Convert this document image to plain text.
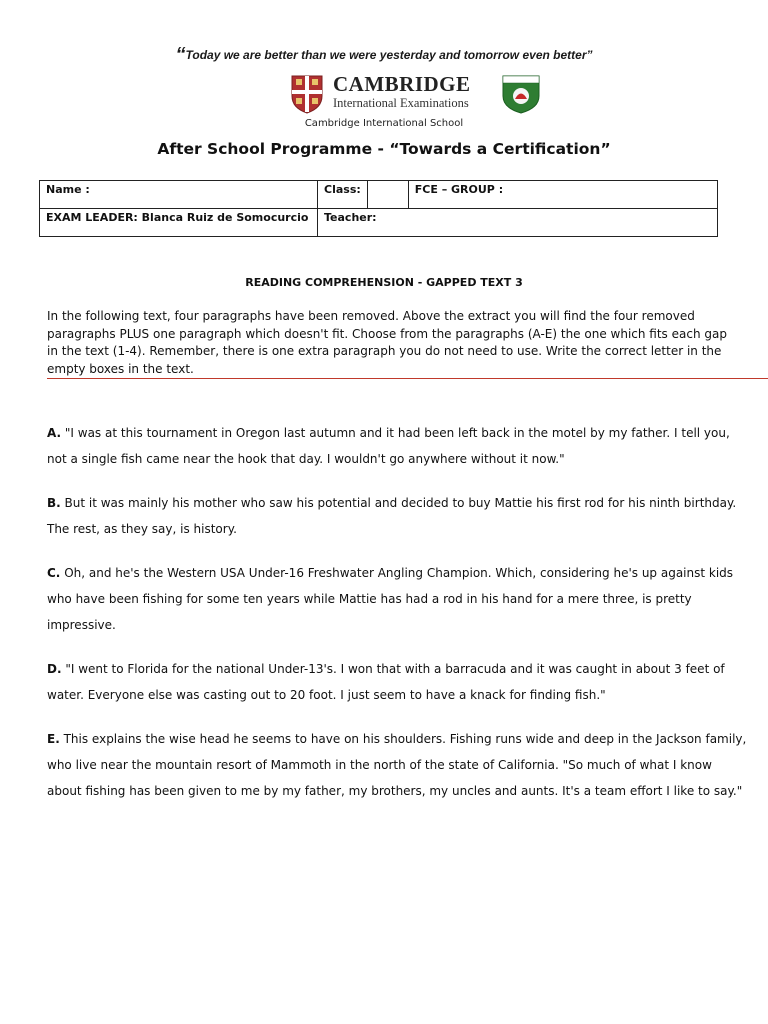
“Today we are better than we were yesterday and tomorrow even better”
CAMBRIDGE
International Examinations
Cambridge International School
After School Programme - “Towards a Certification”
Name :	Class:		FCE – GROUP :
EXAM LEADER: Blanca Ruiz de Somocurcio	Teacher:		
READING COMPREHENSION - GAPPED TEXT 3
In the following text, four paragraphs have been removed. Above the extract you will find the four removed paragraphs PLUS one paragraph which doesn't fit. Choose from the paragraphs (A-E) the one which fits each gap in the text (1-4). Remember, there is one extra paragraph you do not need to use. Write the correct letter in the empty boxes in the text.

A. "I was at this tournament in Oregon last autumn and it had been left back in the motel by my father. I tell you, not a single fish came near the hook that day. I wouldn't go anywhere without it now."

B. But it was mainly his mother who saw his potential and decided to buy Mattie his first rod for his ninth birthday. The rest, as they say, is history.

C. Oh, and he's the Western USA Under-16 Freshwater Angling Champion. Which, considering he's up against kids who have been fishing for some ten years while Mattie has had a rod in his hand for a mere three, is pretty impressive.

D. "I went to Florida for the national Under-13's. I won that with a barracuda and it was caught in about 3 feet of water. Everyone else was casting out to 20 foot. I just seem to have a knack for finding fish."

E. This explains the wise head he seems to have on his shoulders. Fishing runs wide and deep in the Jackson family, who live near the mountain resort of Mammoth in the north of the state of California. "So much of what I know about fishing has been given to me by my father, my brothers, my uncles and aunts. It's a team effort I like to say."
